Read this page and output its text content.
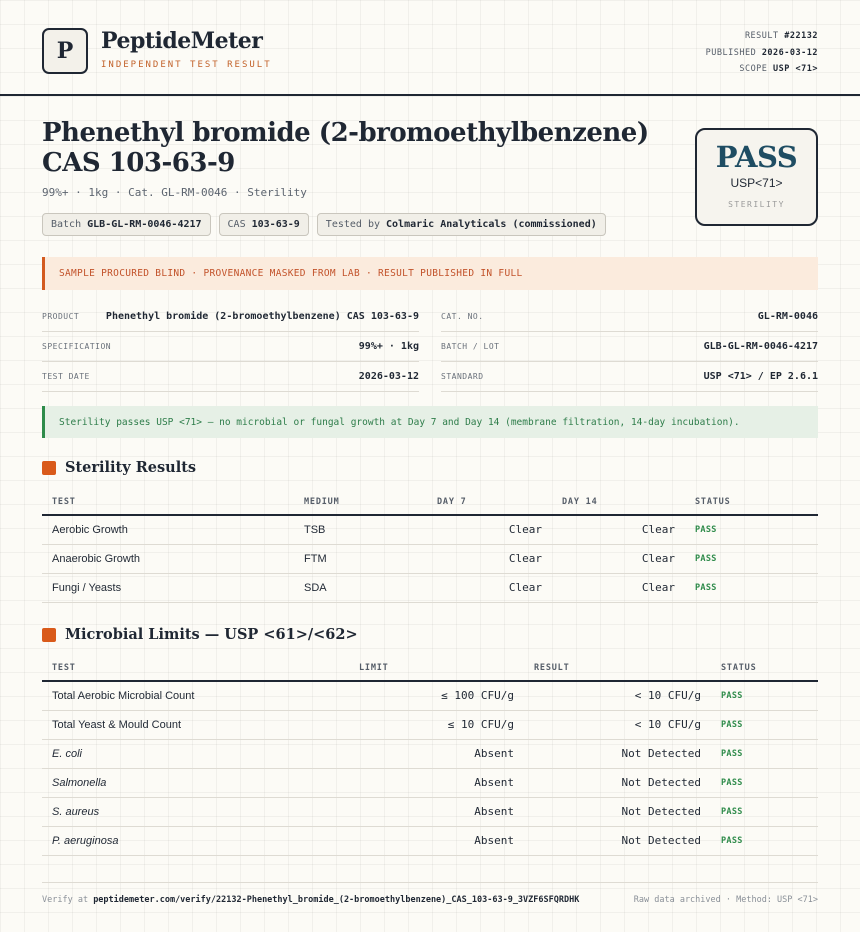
P PeptideMeter
INDEPENDENT TEST RESULT
RESULT #22132
PUBLISHED 2026-03-12
SCOPE USP <71>
Phenethyl bromide (2-bromoethylbenzene)
CAS 103-63-9
99%+ · 1kg · Cat. GL-RM-0046 · Sterility
Batch GLB-GL-RM-0046-4217	CAS 103-63-9	Tested by Colmaric Analyticals (commissioned)
PASS
USP<71>
STERILITY
SAMPLE PROCURED BLIND · PROVENANCE MASKED FROM LAB · RESULT PUBLISHED IN FULL
PRODUCT	Phenethyl bromide (2-bromoethylbenzene) CAS 103-63-9
SPECIFICATION	99%+ · 1kg
TEST DATE	2026-03-12
CAT. NO.	GL-RM-0046
BATCH / LOT	GLB-GL-RM-0046-4217
STANDARD	USP <71> / EP 2.6.1
Sterility passes USP <71> — no microbial or fungal growth at Day 7 and Day 14 (membrane filtration, 14-day incubation).
Sterility Results
TEST	MEDIUM	DAY 7	DAY 14	STATUS
Aerobic Growth	TSB	Clear	Clear	PASS
Anaerobic Growth	FTM	Clear	Clear	PASS
Fungi / Yeasts	SDA	Clear	Clear	PASS
Microbial Limits — USP <61>/<62>
TEST	LIMIT	RESULT	STATUS
Total Aerobic Microbial Count	≤ 100 CFU/g	< 10 CFU/g	PASS
Total Yeast & Mould Count	≤ 10 CFU/g	< 10 CFU/g	PASS
E. coli	Absent	Not Detected	PASS
Salmonella	Absent	Not Detected	PASS
S. aureus	Absent	Not Detected	PASS
P. aeruginosa	Absent	Not Detected	PASS
Verify at peptidemeter.com/verify/22132-Phenethyl_bromide_(2-bromoethylbenzene)_CAS_103-63-9_3VZF6SFQRDHK	Raw data archived · Method: USP <71>
